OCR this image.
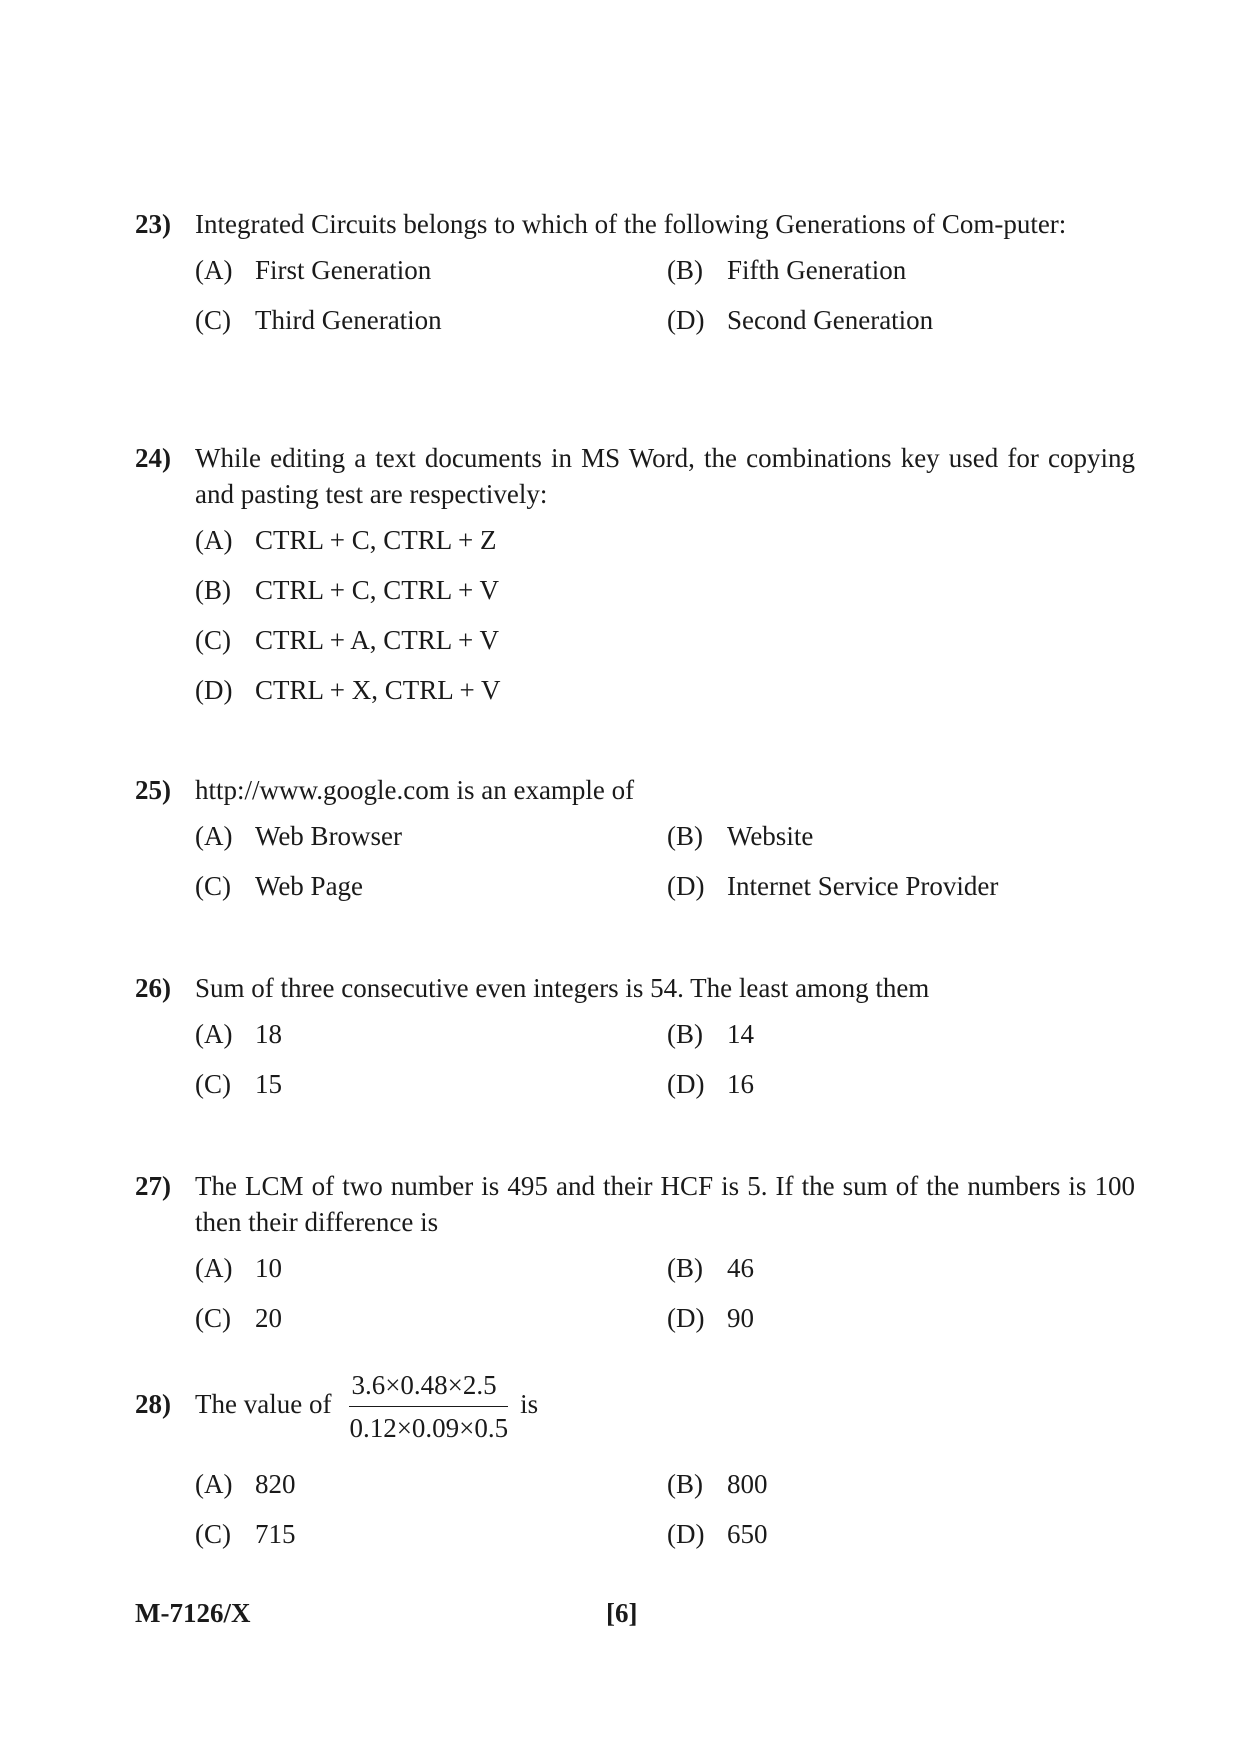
23) Integrated Circuits belongs to which of the following Generations of Com-puter:
(A) First Generation	(B) Fifth Generation
(C) Third Generation	(D) Second Generation
24) While editing a text documents in MS Word, the combinations key used for copying and pasting test are respectively:
(A) CTRL + C, CTRL + Z
(B) CTRL + C, CTRL + V
(C) CTRL + A, CTRL + V
(D) CTRL + X, CTRL + V
25) http://www.google.com is an example of
(A) Web Browser	(B) Website
(C) Web Page	(D) Internet Service Provider
26) Sum of three consecutive even integers is 54. The least among them
(A) 18	(B) 14
(C) 15	(D) 16
27) The LCM of two number is 495 and their HCF is 5. If the sum of the numbers is 100 then their difference is
(A) 10	(B) 46
(C) 20	(D) 90
28) The value of $\frac{3.6\times 0.48\times 2.5}{0.12\times 0.09\times 0.5}$ is
(A) 820	(B) 800
(C) 715	(D) 650
M-7126/X	[6]
